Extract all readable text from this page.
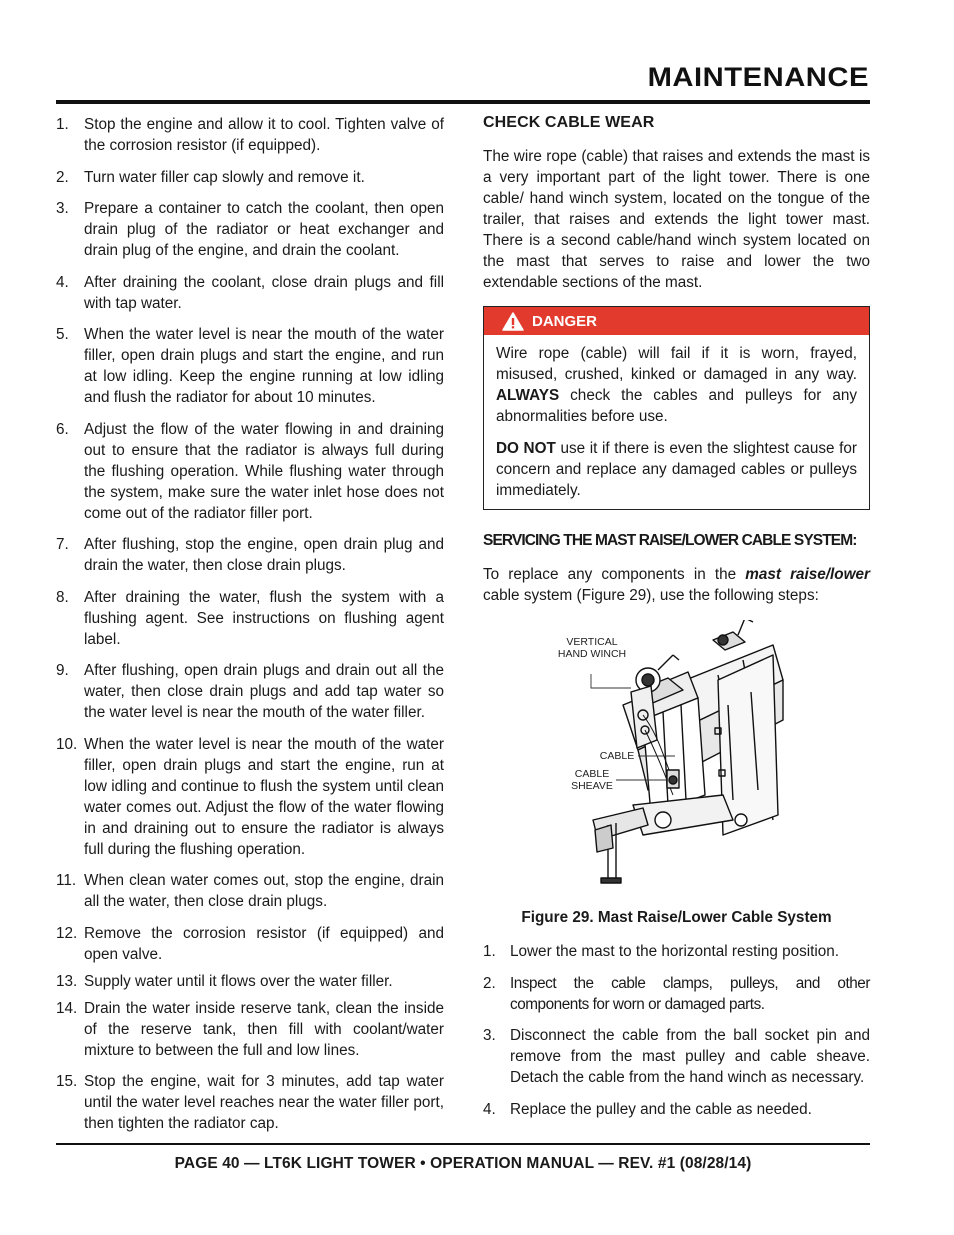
MAINTENANCE
1. Stop the engine and allow it to cool. Tighten valve of the corrosion resistor (if equipped).
2. Turn water filler cap slowly and remove it.
3. Prepare a container to catch the coolant, then open drain plug of the radiator or heat exchanger and drain plug of the engine, and drain the coolant.
4. After draining the coolant, close drain plugs and fill with tap water.
5. When the water level is near the mouth of the water filler, open drain plugs and start the engine, and run at low idling. Keep the engine running at low idling and flush the radiator for about 10 minutes.
6. Adjust the flow of the water flowing in and draining out to ensure that the radiator is always full during the flushing operation. While flushing water through the system, make sure the water inlet hose does not come out of the radiator filler port.
7. After flushing, stop the engine, open drain plug and drain the water, then close drain plugs.
8. After draining the water, flush the system with a flushing agent. See instructions on flushing agent label.
9. After flushing, open drain plugs and drain out all the water, then close drain plugs and add tap water so the water level is near the mouth of the water filler.
10. When the water level is near the mouth of the water filler, open drain plugs and start the engine, run at low idling and continue to flush the system until clean water comes out. Adjust the flow of the water flowing in and draining out to ensure the radiator is always full during the flushing operation.
11. When clean water comes out, stop the engine, drain all the water, then close drain plugs.
12. Remove the corrosion resistor (if equipped) and open valve.
13. Supply water until it flows over the water filler.
14. Drain the water inside reserve tank, clean the inside of the reserve tank, then fill with coolant/water mixture to between the full and low lines.
15. Stop the engine, wait for 3 minutes, add tap water until the water level reaches near the water filler port, then tighten the radiator cap.
CHECK CABLE WEAR

The wire rope (cable) that raises and extends the mast is a very important part of the light tower. There is one cable/ hand winch system, located on the tongue of the trailer, that raises and extends the light tower mast. There is a second cable/hand winch system located on the mast that serves to raise and lower the two extendable sections of the mast.

DANGER

Wire rope (cable) will fail if it is worn, frayed, misused, crushed, kinked or damaged in any way. ALWAYS check the cables and pulleys for any abnormalities before use.

DO NOT use it if there is even the slightest cause for concern and replace any damaged cables or pulleys immediately.

SERVICING THE MAST RAISE/LOWER CABLE SYSTEM:

To replace any components in the mast raise/lower cable system (Figure 29), use the following steps:

VERTICAL
HAND WINCH
CABLE
CABLE
SHEAVE
Figure 29. Mast Raise/Lower Cable System
1. Lower the mast to the horizontal resting position.
2. Inspect the cable clamps, pulleys, and other components for worn or damaged parts.
3. Disconnect the cable from the ball socket pin and remove from the mast pulley and cable sheave. Detach the cable from the hand winch as necessary.
4. Replace the pulley and the cable as needed.
PAGE 40 — LT6K LIGHT TOWER • OPERATION MANUAL — REV. #1 (08/28/14)
